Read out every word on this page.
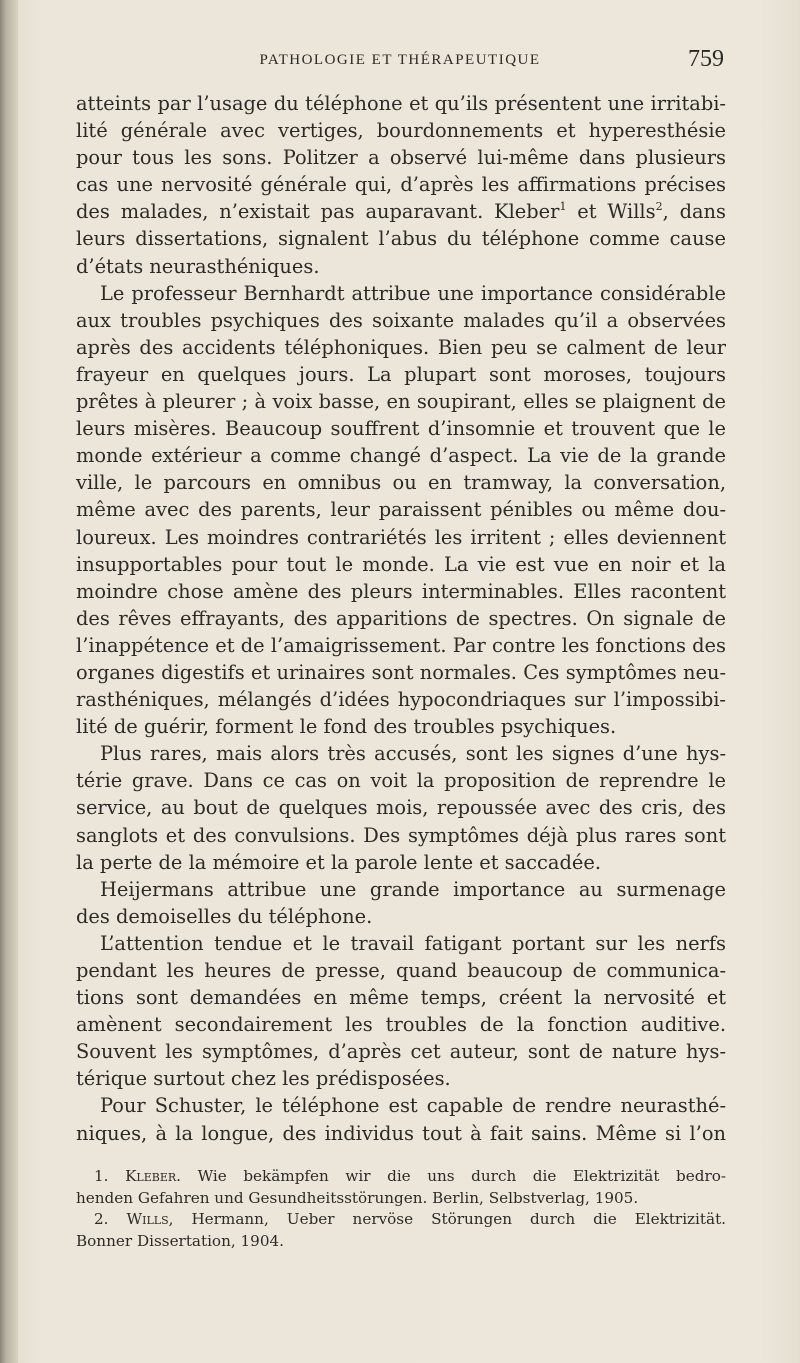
PATHOLOGIE ET THÉRAPEUTIQUE	759
atteints par l’usage du téléphone et qu’ils présentent une irritabi-
lité générale avec vertiges, bourdonnements et hyperesthésie
pour tous les sons. Politzer a observé lui-même dans plusieurs
cas une nervosité générale qui, d’après les affirmations précises
des malades, n’existait pas auparavant. Kleber$^1$ et Wills$^2$, dans
leurs dissertations, signalent l’abus du téléphone comme cause
d’états neurasthéniques.
Le professeur Bernhardt attribue une importance considérable
aux troubles psychiques des soixante malades qu’il a observées
après des accidents téléphoniques. Bien peu se calment de leur
frayeur en quelques jours. La plupart sont moroses, toujours
prêtes à pleurer ; à voix basse, en soupirant, elles se plaignent de
leurs misères. Beaucoup souffrent d’insomnie et trouvent que le
monde extérieur a comme changé d’aspect. La vie de la grande
ville, le parcours en omnibus ou en tramway, la conversation,
même avec des parents, leur paraissent pénibles ou même dou-
loureux. Les moindres contrariétés les irritent ; elles deviennent
insupportables pour tout le monde. La vie est vue en noir et la
moindre chose amène des pleurs interminables. Elles racontent
des rêves effrayants, des apparitions de spectres. On signale de
l’inappétence et de l’amaigrissement. Par contre les fonctions des
organes digestifs et urinaires sont normales. Ces symptômes neu-
rasthéniques, mélangés d’idées hypocondriaques sur l’impossibi-
lité de guérir, forment le fond des troubles psychiques.
Plus rares, mais alors très accusés, sont les signes d’une hys-
térie grave. Dans ce cas on voit la proposition de reprendre le
service, au bout de quelques mois, repoussée avec des cris, des
sanglots et des convulsions. Des symptômes déjà plus rares sont
la perte de la mémoire et la parole lente et saccadée.
Heijermans attribue une grande importance au surmenage
des demoiselles du téléphone.
L’attention tendue et le travail fatigant portant sur les nerfs
pendant les heures de presse, quand beaucoup de communica-
tions sont demandées en même temps, créent la nervosité et
amènent secondairement les troubles de la fonction auditive.
Souvent les symptômes, d’après cet auteur, sont de nature hys-
térique surtout chez les prédisposées.
Pour Schuster, le téléphone est capable de rendre neurasthé-
niques, à la longue, des individus tout à fait sains. Même si l’on
1. Kleber. Wie bekämpfen wir die uns durch die Elektrizität bedro-
henden Gefahren und Gesundheitsstörungen. Berlin, Selbstverlag, 1905.
2. Wills, Hermann, Ueber nervöse Störungen durch die Elektrizität.
Bonner Dissertation, 1904.
